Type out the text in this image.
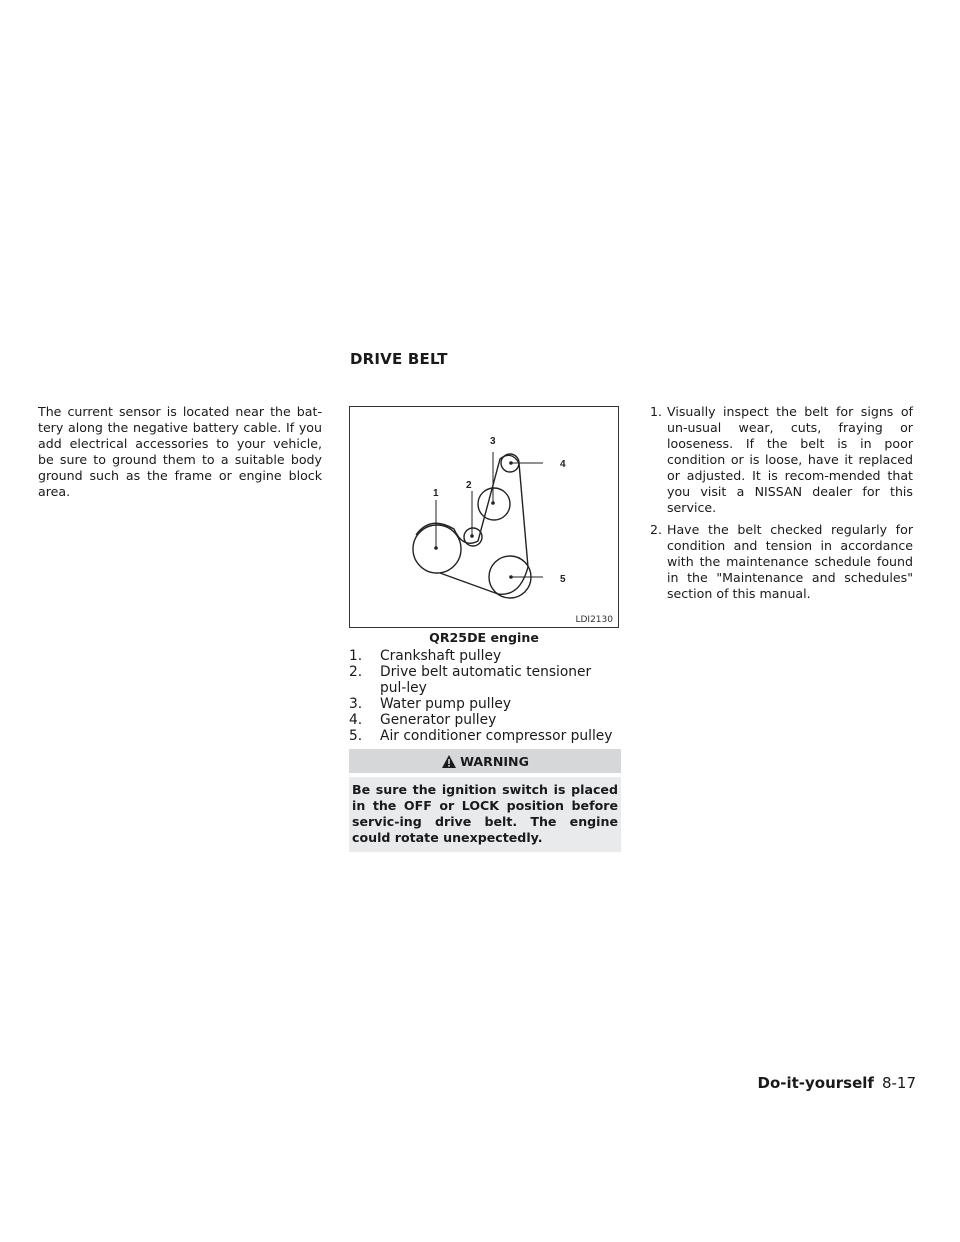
DRIVE BELT
The current sensor is located near the bat-tery along the negative battery cable. If you add electrical accessories to your vehicle, be sure to ground them to a suitable body ground such as the frame or engine block area.	1
2
3
4
5
LDI2130
QR25DE engine
1.	Crankshaft pulley
2.	Drive belt automatic tensioner pul-ley
3.	Water pump pulley
4.	Generator pulley
5.	Air conditioner compressor pulley
WARNING
Be sure the ignition switch is placed in the OFF or LOCK position before servic-ing drive belt. The engine could rotate unexpectedly.
1. Visually inspect the belt for signs of un-usual wear, cuts, fraying or looseness. If the belt is in poor condition or is loose, have it replaced or adjusted. It is recom-mended that you visit a NISSAN dealer for this service.
2. Have the belt checked regularly for condition and tension in accordance with the maintenance schedule found in the "Maintenance and schedules" section of this manual.
Do-it-yourself 8-17
